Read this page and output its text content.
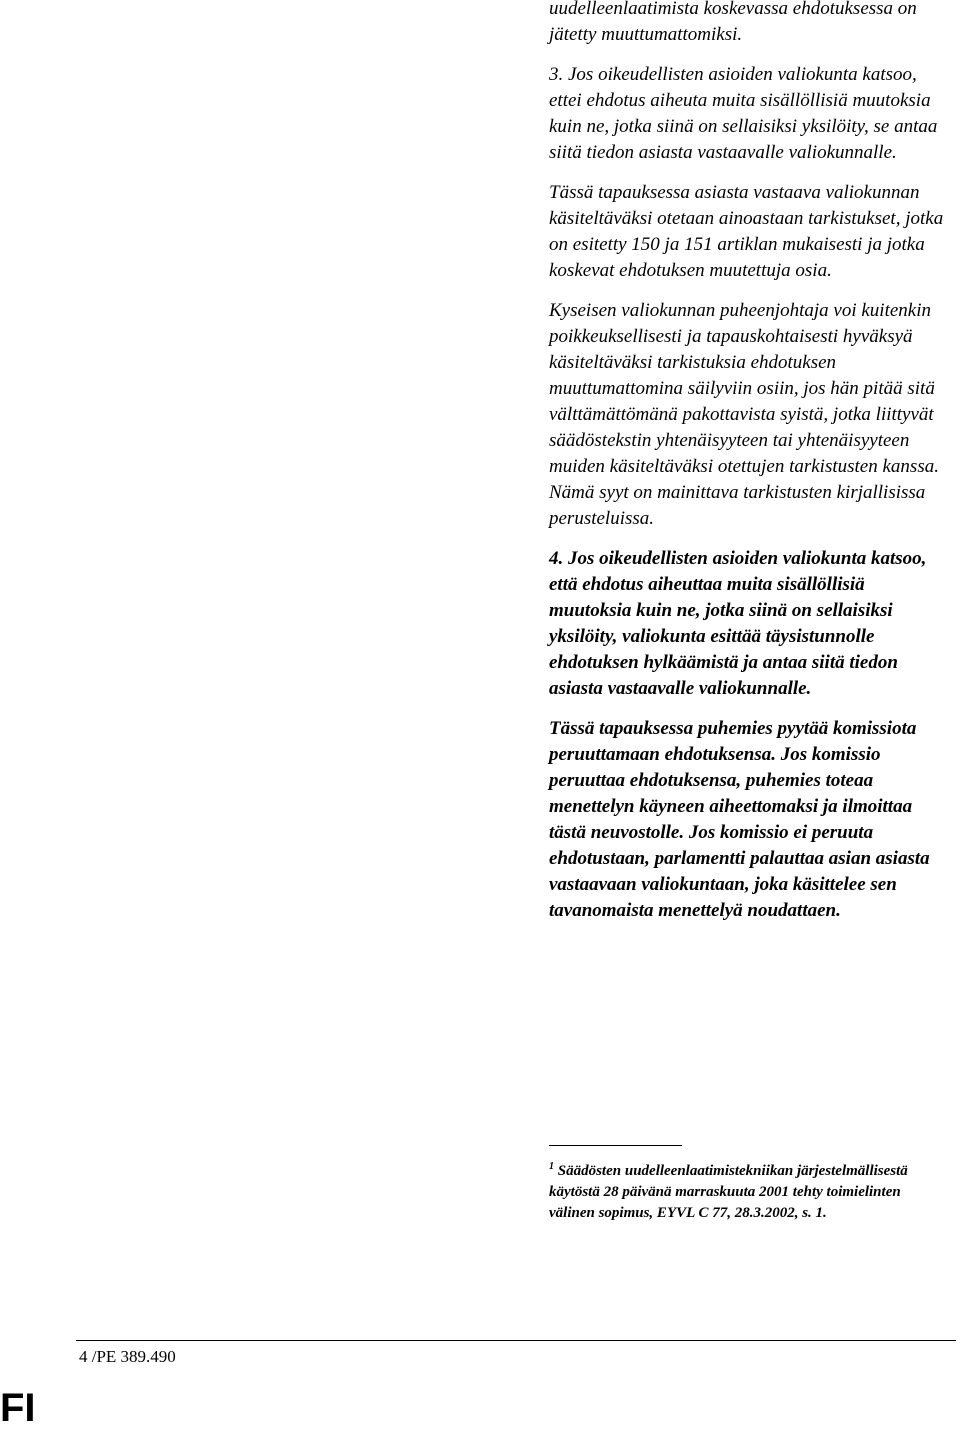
uudelleenlaatimista koskevassa ehdotuksessa on jätetty muuttumattomiksi.

3. Jos oikeudellisten asioiden valiokunta katsoo, ettei ehdotus aiheuta muita sisällöllisiä muutoksia kuin ne, jotka siinä on sellaisiksi yksilöity, se antaa siitä tiedon asiasta vastaavalle valiokunnalle.

Tässä tapauksessa asiasta vastaava valiokunnan käsiteltäväksi otetaan ainoastaan tarkistukset, jotka on esitetty 150 ja 151 artiklan mukaisesti ja jotka koskevat ehdotuksen muutettuja osia.

Kyseisen valiokunnan puheenjohtaja voi kuitenkin poikkeuksellisesti ja tapauskohtaisesti hyväksyä käsiteltäväksi tarkistuksia ehdotuksen muuttumattomina säilyviin osiin, jos hän pitää sitä välttämättömänä pakottavista syistä, jotka liittyvät säädöstekstin yhtenäisyyteen tai yhtenäisyyteen muiden käsiteltäväksi otettujen tarkistusten kanssa. Nämä syyt on mainittava tarkistusten kirjallisissa perusteluissa.

4. Jos oikeudellisten asioiden valiokunta katsoo, että ehdotus aiheuttaa muita sisällöllisiä muutoksia kuin ne, jotka siinä on sellaisiksi yksilöity, valiokunta esittää täysistunnolle ehdotuksen hylkäämistä ja antaa siitä tiedon asiasta vastaavalle valiokunnalle.

Tässä tapauksessa puhemies pyytää komissiota peruuttamaan ehdotuksensa. Jos komissio peruuttaa ehdotuksensa, puhemies toteaa menettelyn käyneen aiheettomaksi ja ilmoittaa tästä neuvostolle. Jos komissio ei peruuta ehdotustaan, parlamentti palauttaa asian asiasta vastaavaan valiokuntaan, joka käsittelee sen tavanomaista menettelyä noudattaen.

$^1$ Säädösten uudelleenlaatimistekniikan järjestelmällisestä käytöstä 28 päivänä marraskuuta 2001 tehty toimielinten välinen sopimus, EYVL C 77, 28.3.2002, s. 1.
4 /PE 389.490
FI
